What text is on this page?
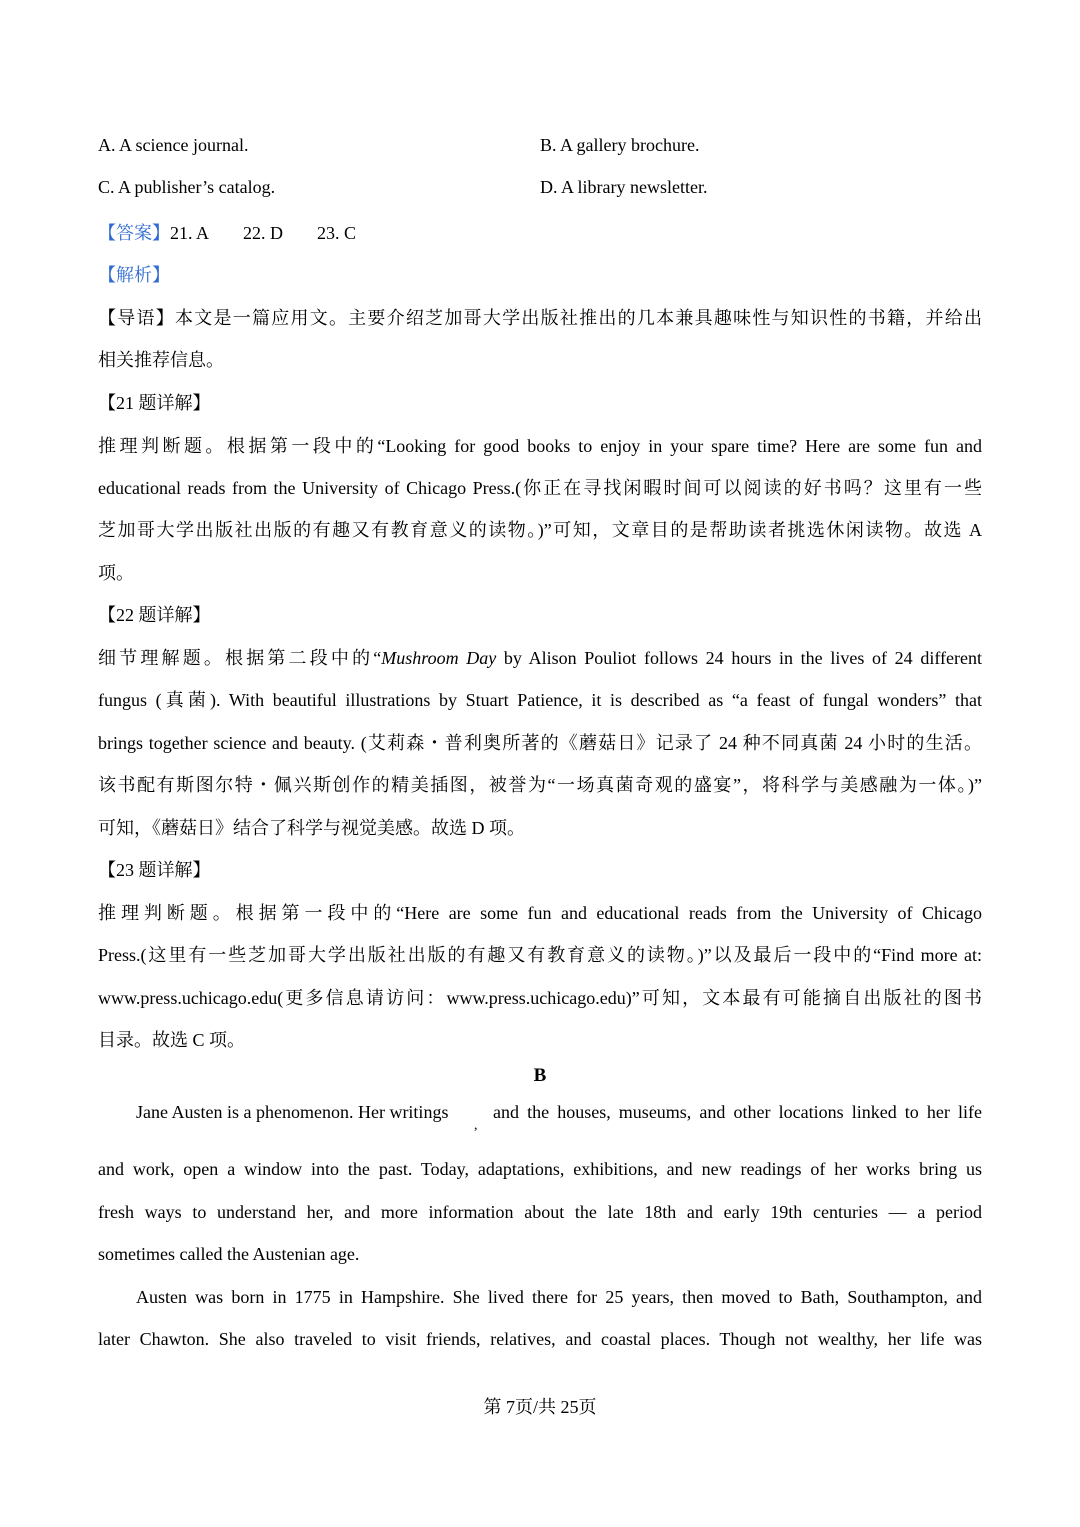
A. A science journal.	B. A gallery brochure.
C. A publisher’s catalog.	D. A library newsletter.
【答案】21. A 22. D 23. C
【解析】
【导语】本文是一篇应用文。主要介绍芝加哥大学出版社推出的几本兼具趣味性与知识性的书籍，并给出
相关推荐信息。
【21 题详解】
推理判断题。根据第一段中的“Looking for good books to enjoy in your spare time? Here are some fun and
educational reads from the University of Chicago Press.(你正在寻找闲暇时间可以阅读的好书吗？这里有一些
芝加哥大学出版社出版的有趣又有教育意义的读物。)”可知，文章目的是帮助读者挑选休闲读物。故选 A
项。
【22 题详解】
细节理解题。根据第二段中的“Mushroom Day by Alison Pouliot follows 24 hours in the lives of 24 different
fungus (真菌). With beautiful illustrations by Stuart Patience, it is described as “a feast of fungal wonders” that
brings together science and beauty. (艾莉森・普利奥所著的《蘑菇日》记录了 24 种不同真菌 24 小时的生活。
该书配有斯图尔特・佩兴斯创作的精美插图，被誉为“一场真菌奇观的盛宴”，将科学与美感融为一体。)”
可知，《蘑菇日》结合了科学与视觉美感。故选 D 项。
【23 题详解】
推理判断题。根据第一段中的“Here are some fun and educational reads from the University of Chicago
Press.(这里有一些芝加哥大学出版社出版的有趣又有教育意义的读物。)”以及最后一段中的“Find more at:
www.press.uchicago.edu(更多信息请访问：www.press.uchicago.edu)”可知，文本最有可能摘自出版社的图书
目录。故选 C 项。
B
Jane Austen is a phenomenon. Her writings
,
and the houses, museums, and other locations linked to her life
and work, open a window into the past. Today, adaptations, exhibitions, and new readings of her works bring us
fresh ways to understand her, and more information about the late 18th and early 19th centuries — a period
sometimes called the Austenian age.
Austen was born in 1775 in Hampshire. She lived there for 25 years, then moved to Bath, Southampton, and
later Chawton. She also traveled to visit friends, relatives, and coastal places. Though not wealthy, her life was
第 7页/共 25页
